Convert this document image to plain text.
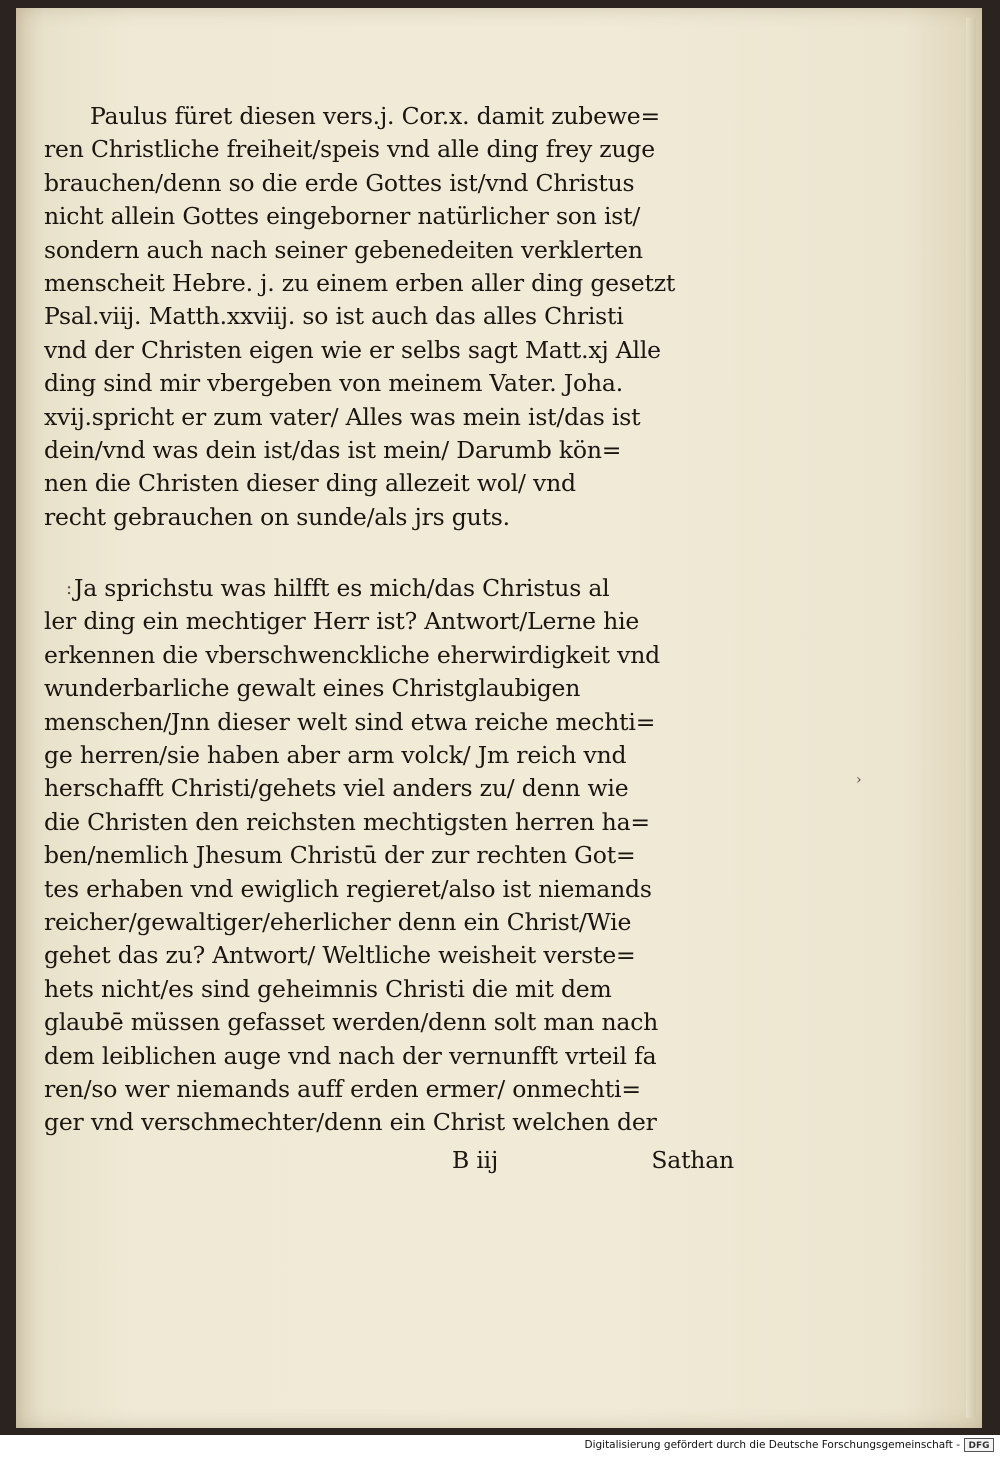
›
Paulus füret diesen vers.j. Cor.x. damit zubewe=
ren Christliche freiheit/speis vnd alle ding frey zuge
brauchen/denn so die erde Gottes ist/vnd Christus
nicht allein Gottes eingeborner natürlicher son ist/
sondern auch nach seiner gebenedeiten verklerten
menscheit Hebre. j. zu einem erben aller ding gesetzt
Psal.viij. Matth.xxviij. so ist auch das alles Christi
vnd der Christen eigen wie er selbs sagt Matt.xj Alle
ding sind mir vbergeben von meinem Vater. Joha.
xvij.spricht er zum vater/ Alles was mein ist/das ist
dein/vnd was dein ist/das ist mein/ Darumb kön=
nen die Christen dieser ding allezeit wol/ vnd
recht gebrauchen on sunde/als jrs guts.
: Ja sprichstu was hilfft es mich/das Christus al
ler ding ein mechtiger Herr ist? Antwort/Lerne hie
erkennen die vberschwenckliche eherwirdigkeit vnd
wunderbarliche gewalt eines Christglaubigen
menschen/Jnn dieser welt sind etwa reiche mechti=
ge herren/sie haben aber arm volck/ Jm reich vnd
herschafft Christi/gehets viel anders zu/ denn wie
die Christen den reichsten mechtigsten herren ha=
ben/nemlich Jhesum Christū der zur rechten Got=
tes erhaben vnd ewiglich regieret/also ist niemands
reicher/gewaltiger/eherlicher denn ein Christ/Wie
gehet das zu? Antwort/ Weltliche weisheit verste=
hets nicht/es sind geheimnis Christi die mit dem
glaubē müssen gefasset werden/denn solt man nach
dem leiblichen auge vnd nach der vernunfft vrteil fa
ren/so wer niemands auff erden ermer/ onmechti=
ger vnd verschmechter/denn ein Christ welchen der
B iij	Sathan
Digitalisierung gefördert durch die Deutsche Forschungsgemeinschaft - DFG
